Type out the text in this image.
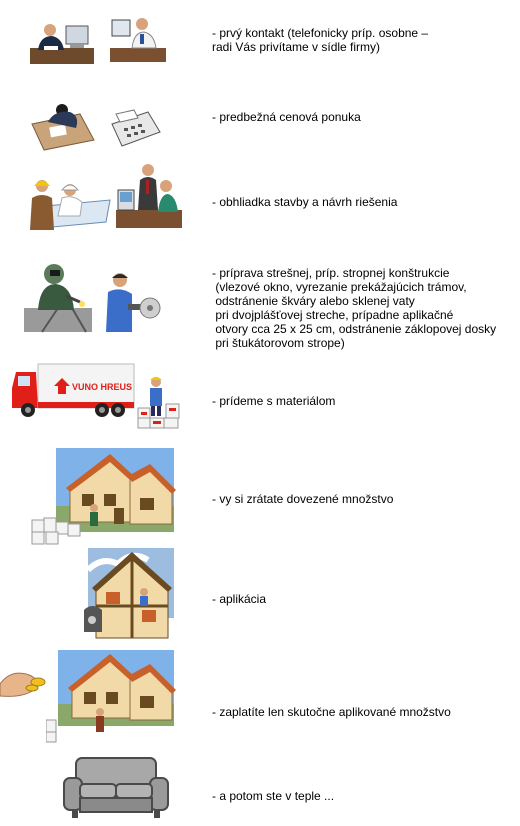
- prvý kontakt (telefonicky príp. osobne –
radi Vás privítame v sídle firmy)
- predbežná cenová ponuka
- obhliadka stavby a návrh riešenia
- príprava strešnej, príp. stropnej konštrukcie
(vlezové okno, vyrezanie prekážajúcich trámov,
odstránenie škváry alebo sklenej vaty
pri dvojplášťovej streche, prípadne aplikačné
otvory cca 25 x 25 cm, odstránenie záklopovej dosky
pri štukátorovom strope)
VUNO HREUS
- prídeme s materiálom
- vy si zrátate dovezené množstvo
- aplikácia
- zaplatíte len skutočne aplikované množstvo
- a potom ste v teple ...
